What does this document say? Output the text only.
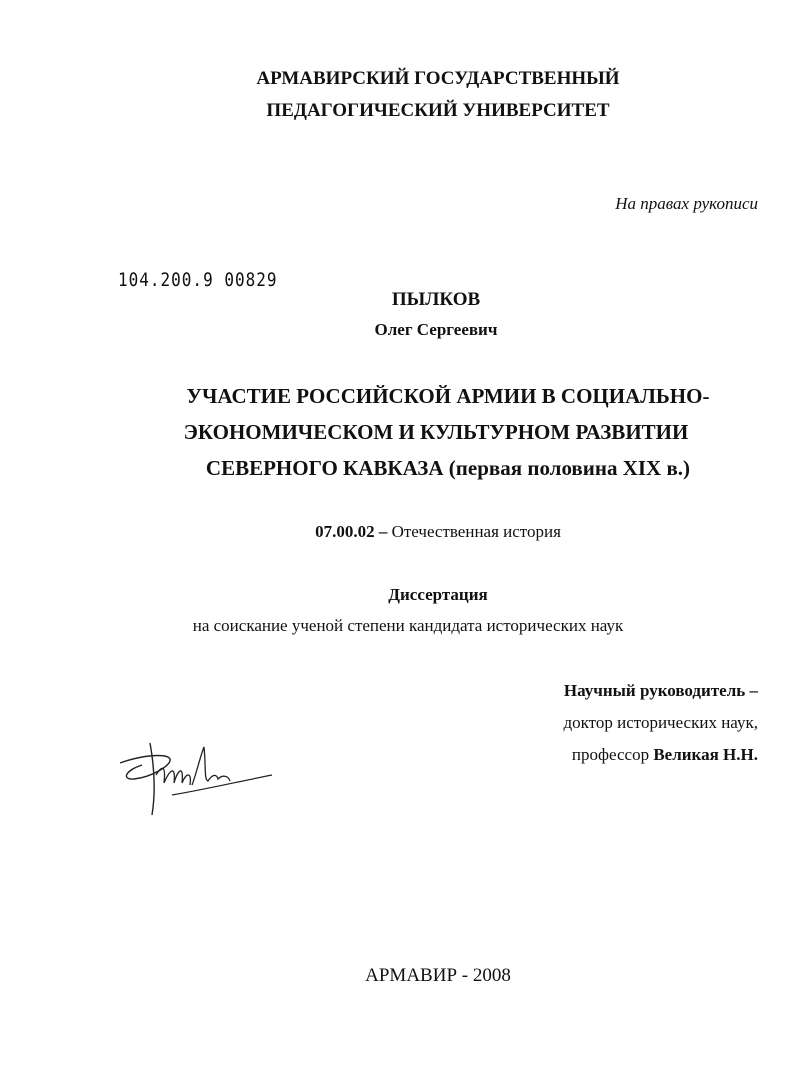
АРМАВИРСКИЙ ГОСУДАРСТВЕННЫЙ
ПЕДАГОГИЧЕСКИЙ УНИВЕРСИТЕТ
На правах рукописи
104.200.9 00829
ПЫЛКОВ
Олег Сергеевич
УЧАСТИЕ РОССИЙСКОЙ АРМИИ В СОЦИАЛЬНО-
ЭКОНОМИЧЕСКОМ И КУЛЬТУРНОМ РАЗВИТИИ
СЕВЕРНОГО КАВКАЗА (первая половина XIX в.)
07.00.02 – Отечественная история
Диссертация
на соискание ученой степени кандидата исторических наук
Научный руководитель –
доктор исторических наук,
профессор Великая Н.Н.
АРМАВИР - 2008
